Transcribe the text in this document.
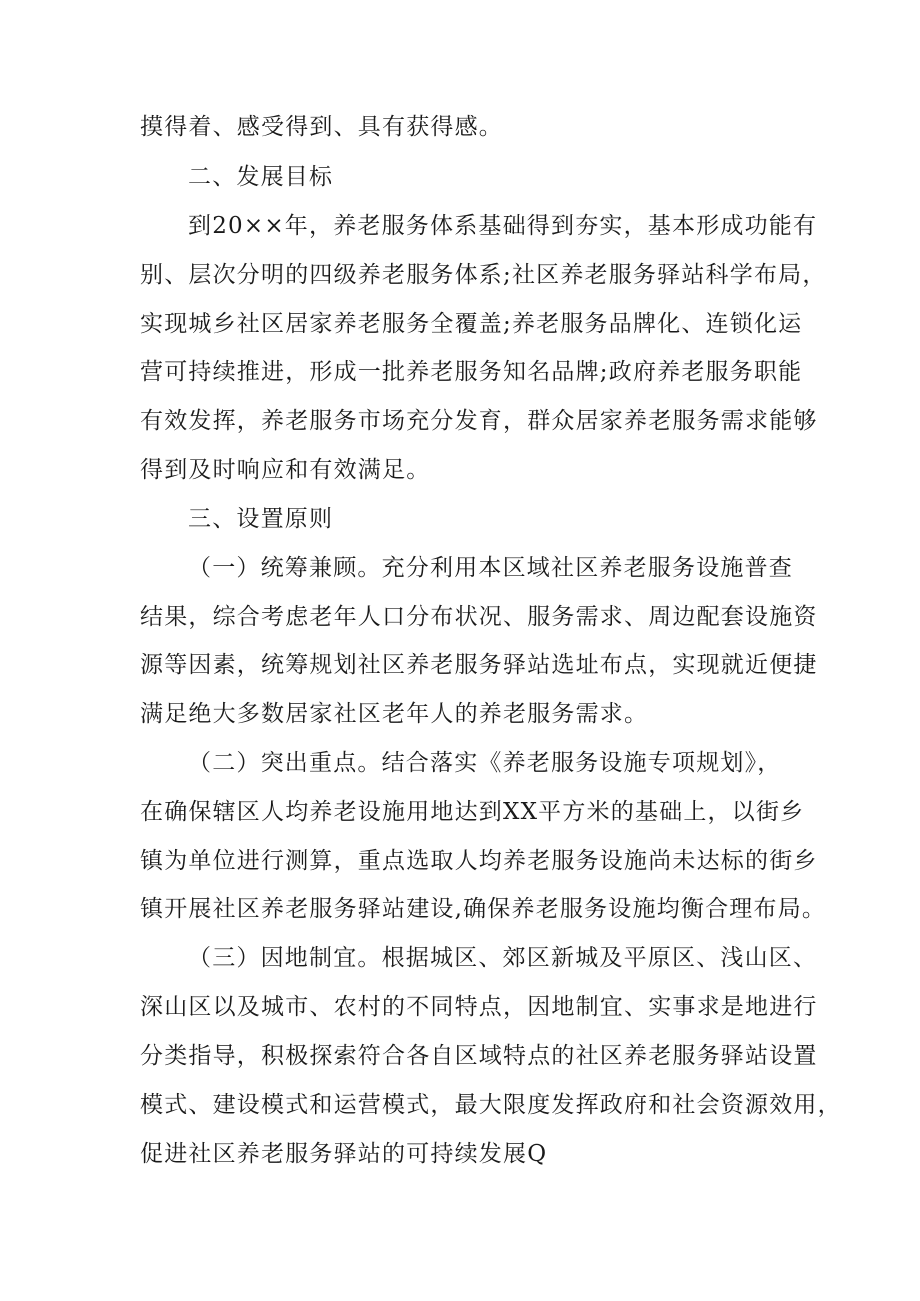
摸得着、感受得到、具有获得感。
二、发展目标
到20××年，养老服务体系基础得到夯实，基本形成功能有
别、层次分明的四级养老服务体系;社区养老服务驿站科学布局，
实现城乡社区居家养老服务全覆盖;养老服务品牌化、连锁化运
营可持续推进，形成一批养老服务知名品牌;政府养老服务职能
有效发挥，养老服务市场充分发育，群众居家养老服务需求能够
得到及时响应和有效满足。
三、设置原则
（一）统筹兼顾。充分利用本区域社区养老服务设施普查
结果，综合考虑老年人口分布状况、服务需求、周边配套设施资
源等因素，统筹规划社区养老服务驿站选址布点，实现就近便捷
满足绝大多数居家社区老年人的养老服务需求。
（二）突出重点。结合落实《养老服务设施专项规划》，
在确保辖区人均养老设施用地达到XX平方米的基础上，以街乡
镇为单位进行测算，重点选取人均养老服务设施尚未达标的街乡
镇开展社区养老服务驿站建设,确保养老服务设施均衡合理布局。
（三）因地制宜。根据城区、郊区新城及平原区、浅山区、
深山区以及城市、农村的不同特点，因地制宜、实事求是地进行
分类指导，积极探索符合各自区域特点的社区养老服务驿站设置
模式、建设模式和运营模式，最大限度发挥政府和社会资源效用，
促进社区养老服务驿站的可持续发展Q
